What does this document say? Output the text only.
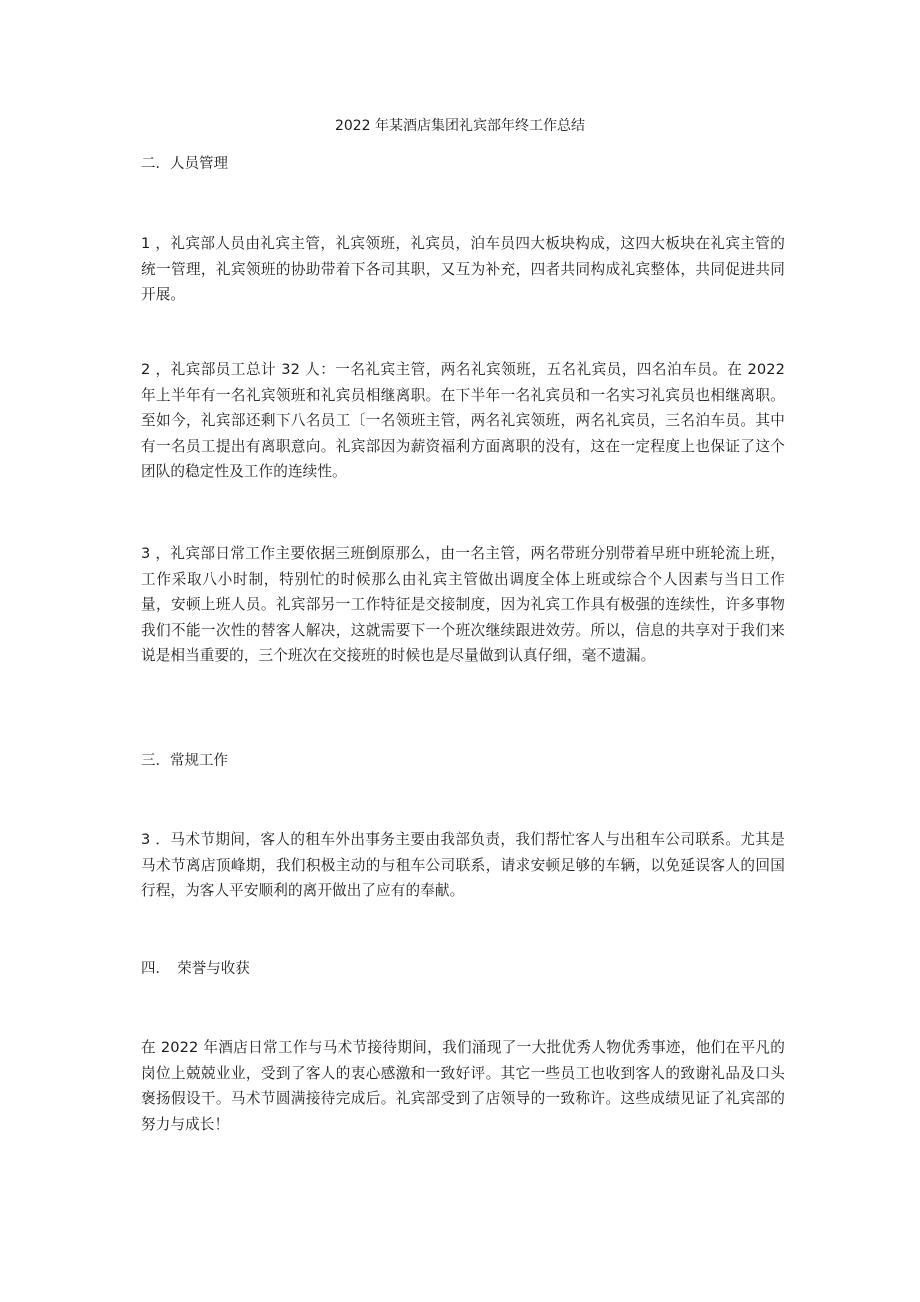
2022 年某酒店集团礼宾部年终工作总结
二．人员管理
1 ，礼宾部人员由礼宾主管，礼宾领班，礼宾员，泊车员四大板块构成，这四大板块在礼宾主管的统一管理，礼宾领班的协助带着下各司其职，又互为补充，四者共同构成礼宾整体，共同促进共同开展。
2 ，礼宾部员工总计 32 人：一名礼宾主管，两名礼宾领班，五名礼宾员，四名泊车员。在 2022 年上半年有一名礼宾领班和礼宾员相继离职。在下半年一名礼宾员和一名实习礼宾员也相继离职。至如今，礼宾部还剩下八名员工〔一名领班主管，两名礼宾领班，两名礼宾员，三名泊车员。其中有一名员工提出有离职意向。礼宾部因为薪资福利方面离职的没有，这在一定程度上也保证了这个团队的稳定性及工作的连续性。
3 ，礼宾部日常工作主要依据三班倒原那么，由一名主管，两名带班分别带着早班中班轮流上班，工作采取八小时制，特别忙的时候那么由礼宾主管做出调度全体上班或综合个人因素与当日工作量，安顿上班人员。礼宾部另一工作特征是交接制度，因为礼宾工作具有极强的连续性，许多事物我们不能一次性的替客人解决，这就需要下一个班次继续跟进效劳。所以，信息的共享对于我们来说是相当重要的，三个班次在交接班的时候也是尽量做到认真仔细，毫不遗漏。
三．常规工作
3 ．马术节期间，客人的租车外出事务主要由我部负责，我们帮忙客人与出租车公司联系。尤其是马术节离店顶峰期，我们积极主动的与租车公司联系，请求安顿足够的车辆，以免延误客人的回国行程，为客人平安顺利的离开做出了应有的奉献。
四．　荣誉与收获
在 2022 年酒店日常工作与马术节接待期间，我们涌现了一大批优秀人物优秀事迹，他们在平凡的岗位上兢兢业业，受到了客人的衷心感激和一致好评。其它一些员工也收到客人的致谢礼品及口头褒扬假设干。马术节圆满接待完成后。礼宾部受到了店领导的一致称许。这些成绩见证了礼宾部的努力与成长！
